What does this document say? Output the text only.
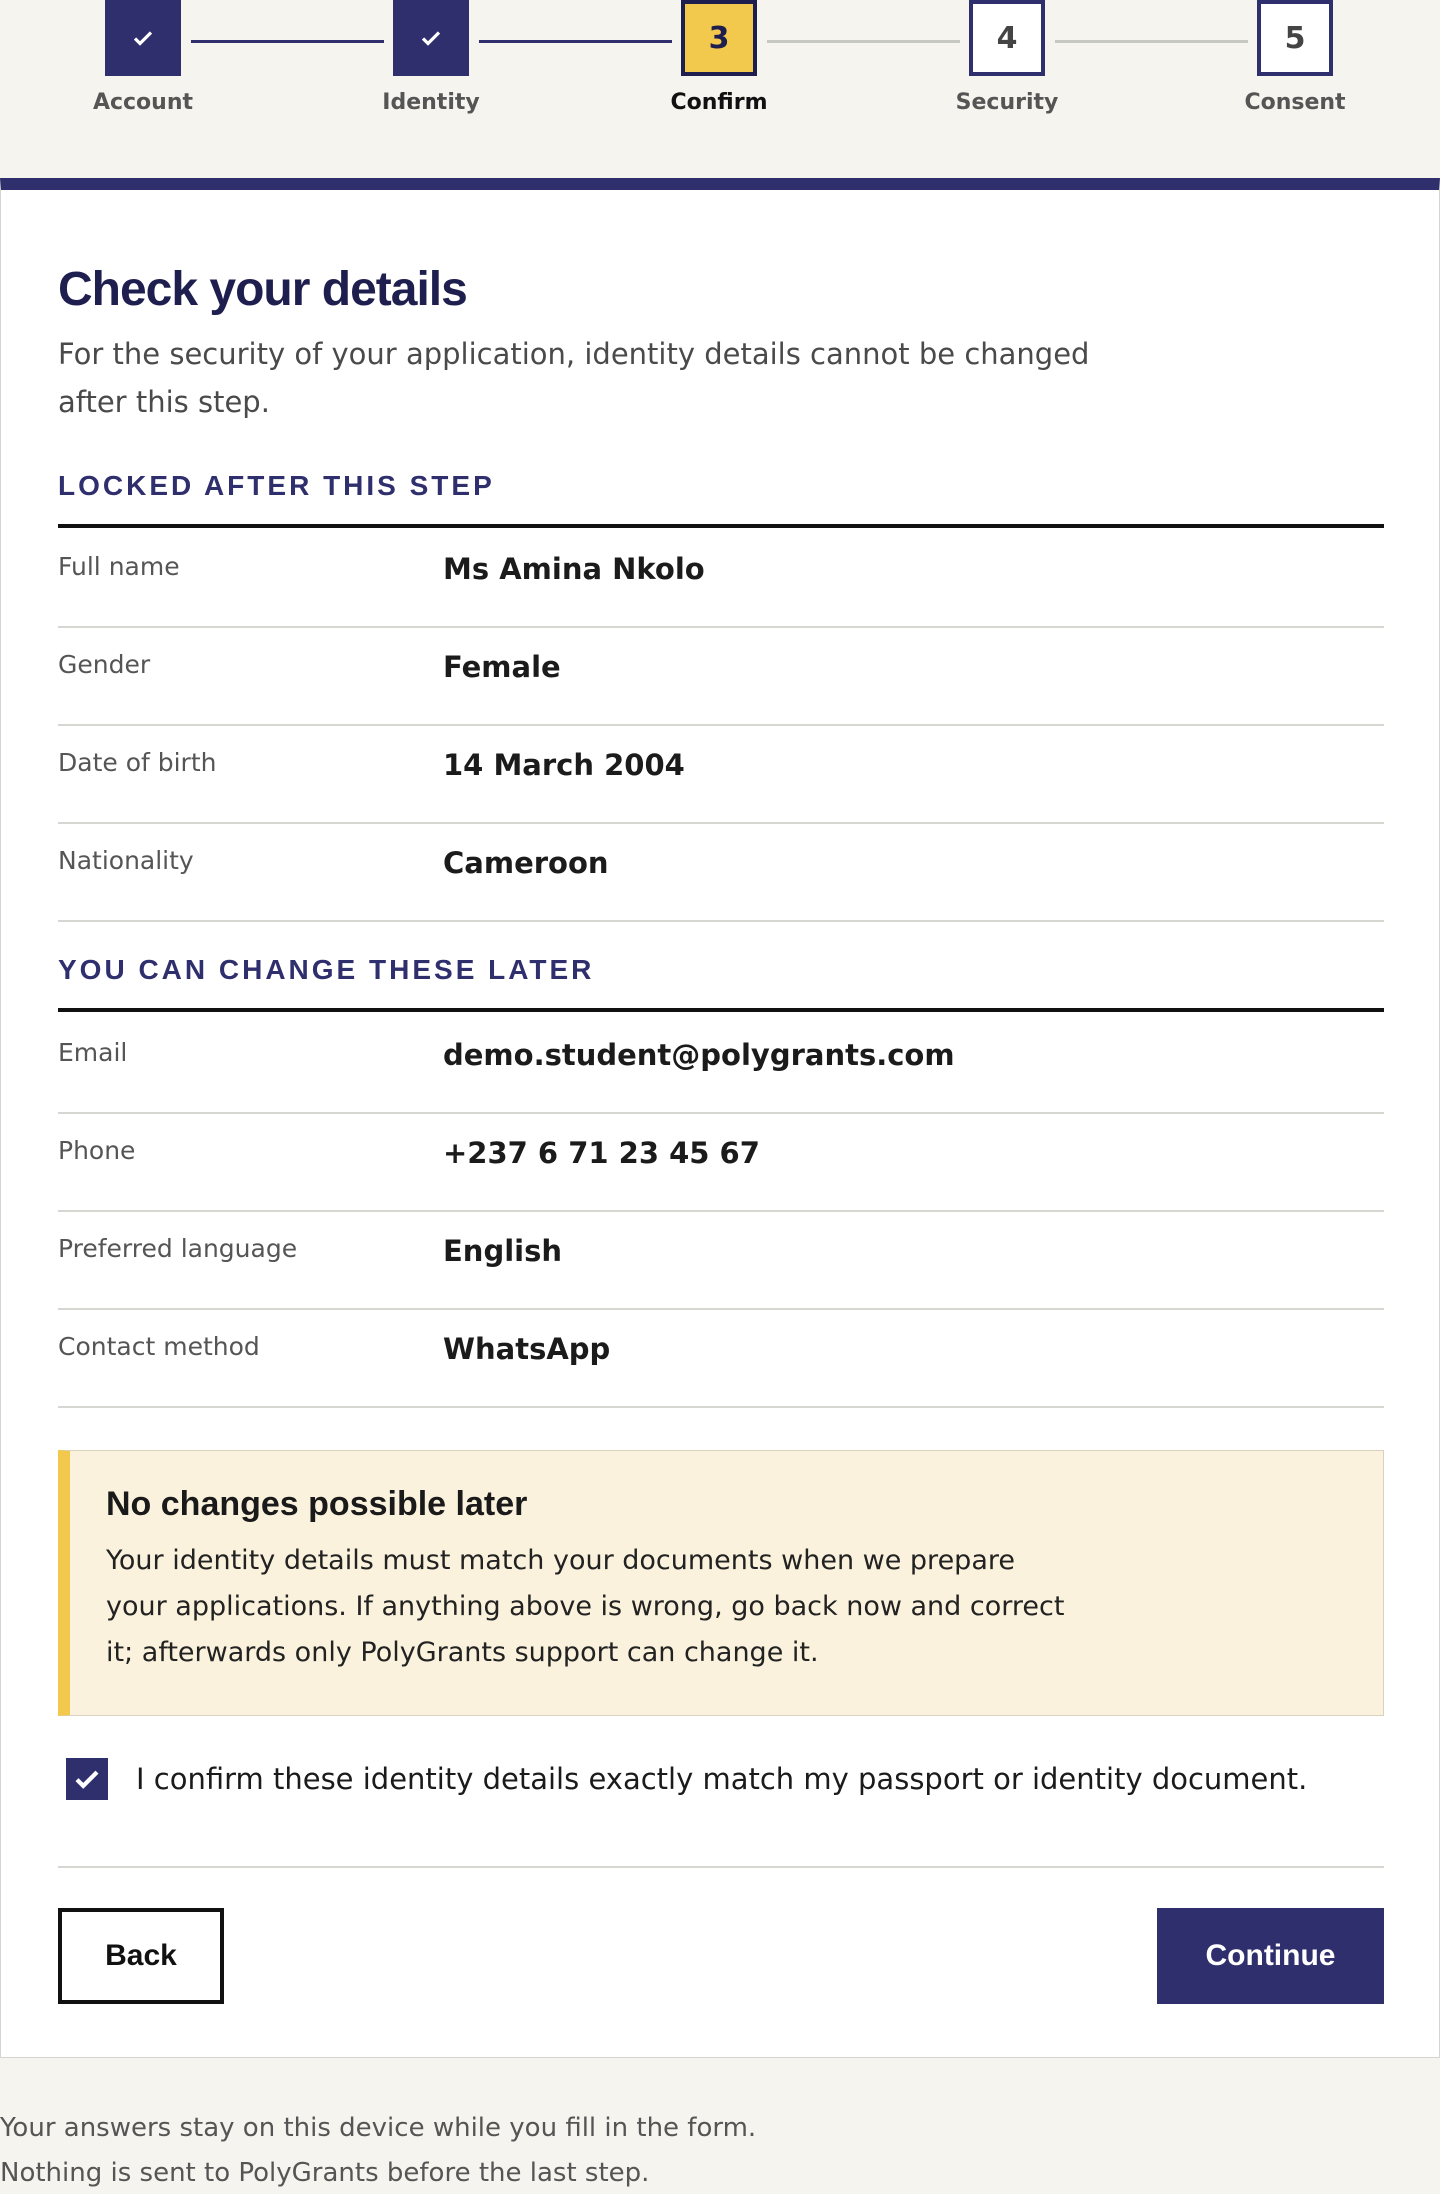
Account	Identity
3
Confirm
4
Security
5
Consent
Check your details

For the security of your application, identity details cannot be changed after this step.

LOCKED AFTER THIS STEP
Full name	Ms Amina Nkolo
Gender	Female
Date of birth	14 March 2004
Nationality	Cameroon
YOU CAN CHANGE THESE LATER
Email	demo.student@polygrants.com
Phone	+237 6 71 23 45 67
Preferred language	English
Contact method	WhatsApp
No changes possible later

Your identity details must match your documents when we prepare your applications. If anything above is wrong, go back now and correct it; afterwards only PolyGrants support can change it.

I confirm these identity details exactly match my passport or identity document.
Back	Continue

Your answers stay on this device while you fill in the form. Nothing is sent to PolyGrants before the last step.
